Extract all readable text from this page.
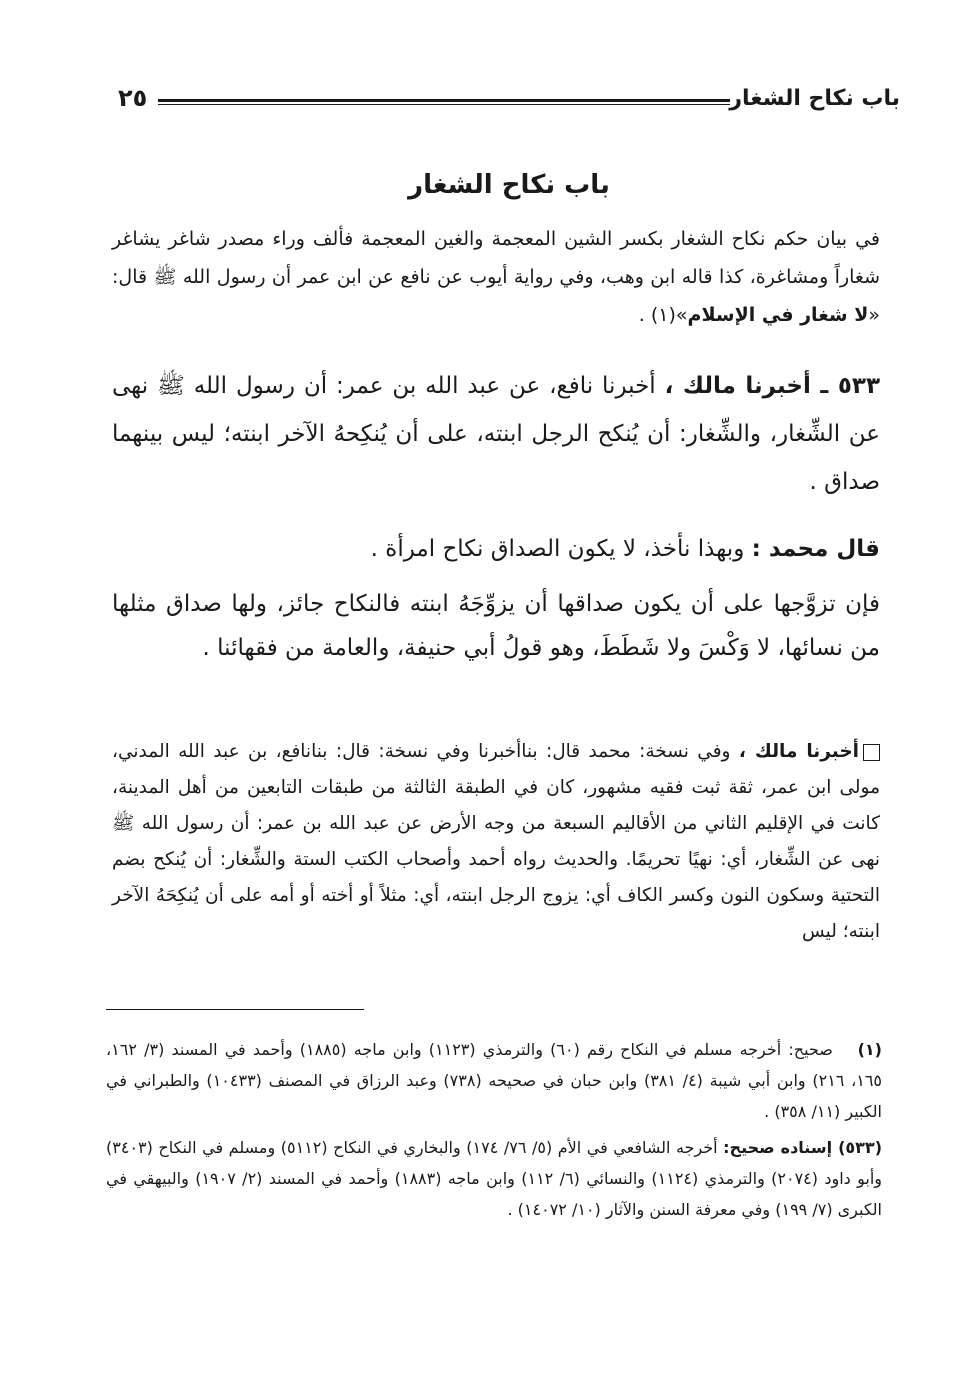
باب نكاح الشغار
٢٥
باب نكاح الشغار

في بيان حكم نكاح الشغار بكسر الشين المعجمة والغين المعجمة فألف وراء مصدر شاغر يشاغر شغاراً ومشاغرة، كذا قاله ابن وهب، وفي رواية أيوب عن نافع عن ابن عمر أن رسول الله ﷺ قال: «لا شغار في الإسلام»(١) .

٥٣٣ ـ أخبرنا مالك ، أخبرنا نافع، عن عبد الله بن عمر: أن رسول الله ﷺ نهى عن الشِّغار، والشِّغار: أن يُنكح الرجل ابنته، على أن يُنكِحهُ الآخر ابنته؛ ليس بينهما صداق .

قال محمد : وبهذا نأخذ، لا يكون الصداق نكاح امرأة .

فإن تزوَّجها على أن يكون صداقها أن يزوِّجَهُ ابنته فالنكاح جائز، ولها صداق مثلها من نسائها، لا وَكْسَ ولا شَطَطَ، وهو قولُ أبي حنيفة، والعامة من فقهائنا .

أخبرنا مالك ، وفي نسخة: محمد قال: بناأخبرنا وفي نسخة: قال: بنانافع، بن عبد الله المدني، مولى ابن عمر، ثقة ثبت فقيه مشهور، كان في الطبقة الثالثة من طبقات التابعين من أهل المدينة، كانت في الإقليم الثاني من الأقاليم السبعة من وجه الأرض عن عبد الله بن عمر: أن رسول الله ﷺ نهى عن الشِّغار، أي: نهيًا تحريمًا. والحديث رواه أحمد وأصحاب الكتب الستة والشِّغار: أن يُنكح بضم التحتية وسكون النون وكسر الكاف أي: يزوج الرجل ابنته، أي: مثلاً أو أخته أو أمه على أن يُنكِحَهُ الآخر ابنته؛ ليس

(١) صحيح: أخرجه مسلم في النكاح رقم (٦٠) والترمذي (١١٢٣) وابن ماجه (١٨٨٥) وأحمد في المسند (٣/ ١٦٢، ١٦٥، ٢١٦) وابن أبي شيبة (٤/ ٣٨١) وابن حبان في صحيحه (٧٣٨) وعبد الرزاق في المصنف (١٠٤٣٣) والطبراني في الكبير (١١/ ٣٥٨) .
(٥٣٣) إسناده صحيح: أخرجه الشافعي في الأم (٥/ ٧٦/ ١٧٤) والبخاري في النكاح (٥١١٢) ومسلم في النكاح (٣٤٠٣) وأبو داود (٢٠٧٤) والترمذي (١١٢٤) والنسائي (٦/ ١١٢) وابن ماجه (١٨٨٣) وأحمد في المسند (٢/ ١٩٠٧) والبيهقي في الكبرى (٧/ ١٩٩) وفي معرفة السنن والآثار (١٠/ ١٤٠٧٢) .
